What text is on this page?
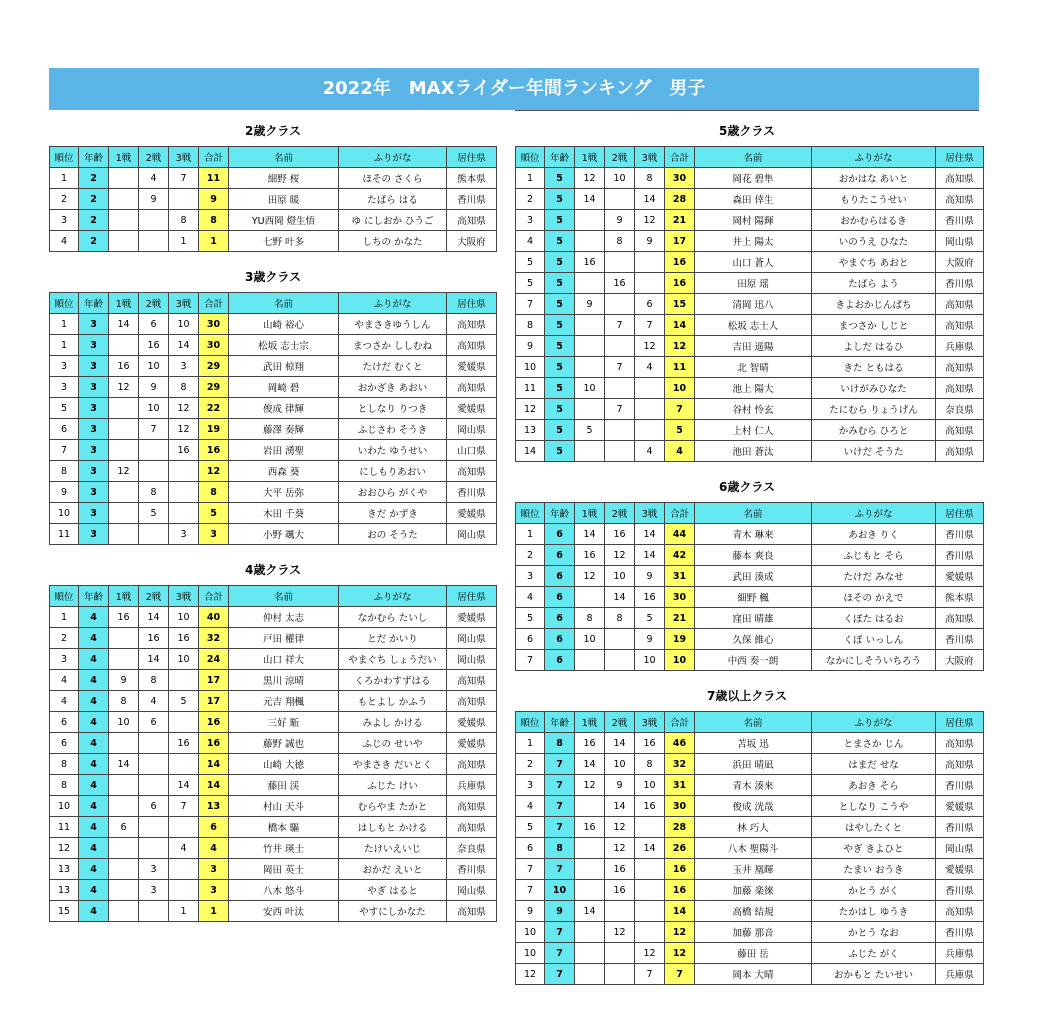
2022年　MAXライダー年間ランキング　男子
2歳クラス
順位	年齢	1戦	2戦	3戦	合計	名前	ふりがな	居住県
1	2		4	7	11	細野 桜	ほその さくら	熊本県
2	2		9		9	田原 暖	たばら はる	香川県
3	2			8	8	YU西岡 燈生悟	ゆ にしおか ひうご	高知県
4	2			1	1	七野 叶多	しちの かなた	大阪府
3歳クラス
順位	年齢	1戦	2戦	3戦	合計	名前	ふりがな	居住県
1	3	14	6	10	30	山崎 裕心	やまさきゆうしん	高知県
1	3		16	14	30	松坂 志士宗	まつさか ししむね	高知県
3	3	16	10	3	29	武田 椋翔	たけだ むくと	愛媛県
3	3	12	9	8	29	岡崎 碧	おかざき あおい	高知県
5	3		10	12	22	俊成 律輝	としなり りつき	愛媛県
6	3		7	12	19	藤澤 奏輝	ふじさわ そうき	岡山県
7	3			16	16	岩田 湧聖	いわた ゆうせい	山口県
8	3	12			12	西森 葵	にしもりあおい	高知県
9	3		8		8	大平 岳弥	おおひら がくや	香川県
10	3		5		5	木田 千葵	きだ かずき	愛媛県
11	3			3	3	小野 颯大	おの そうた	岡山県
4歳クラス
順位	年齢	1戦	2戦	3戦	合計	名前	ふりがな	居住県
1	4	16	14	10	40	仲村 太志	なかむら たいし	愛媛県
2	4		16	16	32	戸田 權律	とだ かいり	岡山県
3	4		14	10	24	山口 祥大	やまぐち しょうだい	岡山県
4	4	9	8		17	黒川 涼晴	くろかわすずはる	高知県
4	4	8	4	5	17	元吉 翔楓	もとよし かふう	高知県
6	4	10	6		16	三好 駈	みよし かける	愛媛県
6	4			16	16	藤野 誠也	ふじの せいや	愛媛県
8	4	14			14	山崎 大徳	やまさき だいとく	高知県
8	4			14	14	藤田 渓	ふじた けい	兵庫県
10	4		6	7	13	村山 天斗	むらやま たかと	高知県
11	4	6			6	橋本 驅	はしもと かける	高知県
12	4			4	4	竹井 瑛士	たけいえいじ	奈良県
13	4		3		3	岡田 英士	おかだ えいと	香川県
13	4		3		3	八木 悠斗	やぎ はると	岡山県
15	4			1	1	安西 叶汰	やすにしかなた	高知県
5歳クラス
順位	年齢	1戦	2戦	3戦	合計	名前	ふりがな	居住県
1	5	12	10	8	30	岡花 碧隼	おかはな あいと	高知県
2	5	14		14	28	森田 倖生	もりたこうせい	高知県
3	5		9	12	21	岡村 陽輝	おかむらはるき	香川県
4	5		8	9	17	井上 陽太	いのうえ ひなた	岡山県
5	5	16			16	山口 蒼人	やまぐち あおと	大阪府
5	5		16		16	田原 瑶	たばら よう	香川県
7	5	9		6	15	清岡 迅八	きよおかじんぱち	高知県
8	5		7	7	14	松坂 志士人	まつさか しじと	高知県
9	5			12	12	吉田 遥陽	よしだ はるひ	兵庫県
10	5		7	4	11	北 智晴	きた ともはる	高知県
11	5	10			10	池上 陽大	いけがみひなた	高知県
12	5		7		7	谷村 怜玄	たにむら りょうげん	奈良県
13	5	5			5	上村 仁人	かみむら ひろと	高知県
14	5			4	4	池田 蒼汰	いけだ そうた	高知県
6歳クラス
順位	年齢	1戦	2戦	3戦	合計	名前	ふりがな	居住県
1	6	14	16	14	44	青木 琳來	あおき りく	香川県
2	6	16	12	14	42	藤本 爽良	ふじもと そら	香川県
3	6	12	10	9	31	武田 湊成	たけだ みなせ	愛媛県
4	6		14	16	30	細野 楓	ほその かえで	熊本県
5	6	8	8	5	21	窪田 晴雄	くぼた はるお	高知県
6	6	10		9	19	久保 維心	くぼ いっしん	香川県
7	6			10	10	中西 奏一朗	なかにしそういちろう	大阪府
7歳以上クラス
順位	年齢	1戦	2戦	3戦	合計	名前	ふりがな	居住県
1	8	16	14	16	46	苫坂 迅	とまさか じん	高知県
2	7	14	10	8	32	浜田 晴凪	はまだ せな	高知県
3	7	12	9	10	31	青木 湊來	あおき そら	香川県
4	7		14	16	30	俊成 洸哉	としなり こうや	愛媛県
5	7	16	12		28	林 巧人	はやしたくと	香川県
6	8		12	14	26	八木 聖陽斗	やぎ きよひと	岡山県
7	7		16		16	玉井 凰暉	たまい おうき	愛媛県
7	10		16		16	加藤 楽徠	かとう がく	香川県
9	9	14			14	高橋 結規	たかはし ゆうき	高知県
10	7		12		12	加藤 那音	かとう なお	香川県
10	7			12	12	藤田 岳	ふじた がく	兵庫県
12	7			7	7	岡本 大晴	おかもと たいせい	兵庫県
